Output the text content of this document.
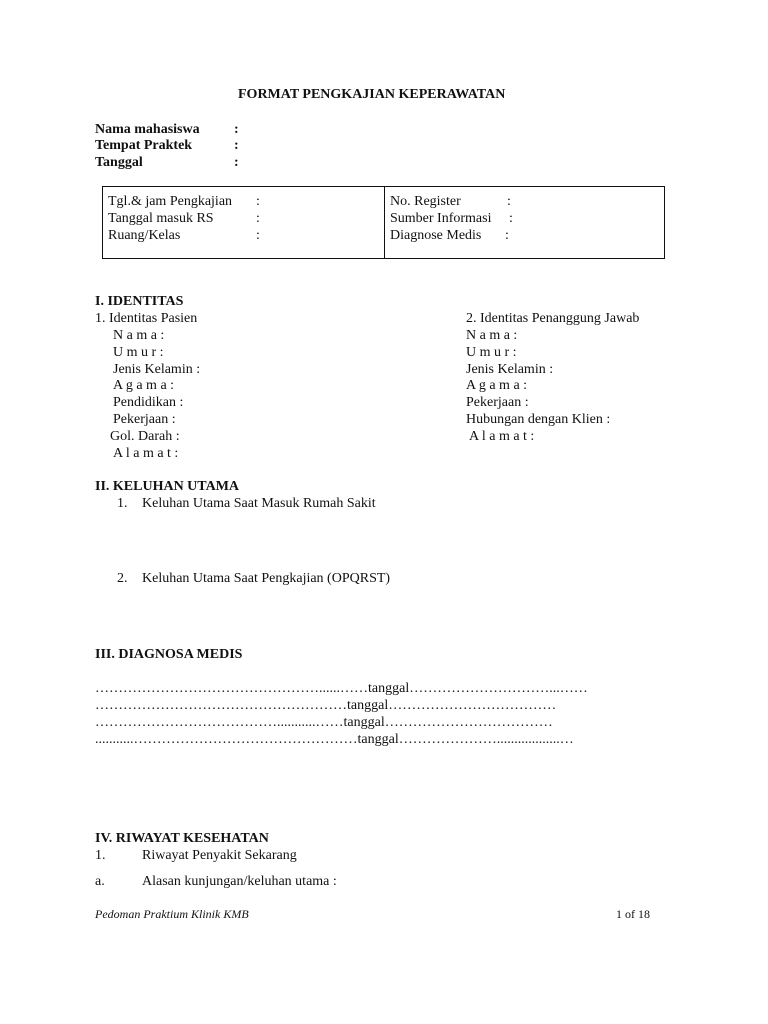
FORMAT PENGKAJIAN KEPERAWATAN
Nama mahasiswa :
Tempat Praktek	:
Tanggal	:
Tgl.& jam Pengkajian :
Tanggal masuk RS	:
Ruang/Kelas	:
No. Register	:
Sumber Informasi :
Diagnose Medis :
I. IDENTITAS
1. Identitas Pasien
N a m a :
U m u r :
Jenis Kelamin :
A g a m a :
Pendidikan :
Pekerjaan :
Gol. Darah :
A l a m a t :
2. Identitas Penanggung Jawab
N a m a :
U m u r :
Jenis Kelamin :
A g a m a :
Pekerjaan :
Hubungan dengan Klien :
A l a m a t :
II. KELUHAN UTAMA
1. Keluhan Utama Saat Masuk Rumah Sakit
2. Keluhan Utama Saat Pengkajian (OPQRST)
III. DIAGNOSA MEDIS
…………………………………………......……tanggal…………………………...……
………………………………………………tanggal………………………………
…………………………………...........……tanggal………………………………
...........…………………………………………tanggal…………………..................…
IV. RIWAYAT KESEHATAN
1.	Riwayat Penyakit Sekarang
a.	Alasan kunjungan/keluhan utama :
Pedoman Praktium Klinik KMB	1 of 18
